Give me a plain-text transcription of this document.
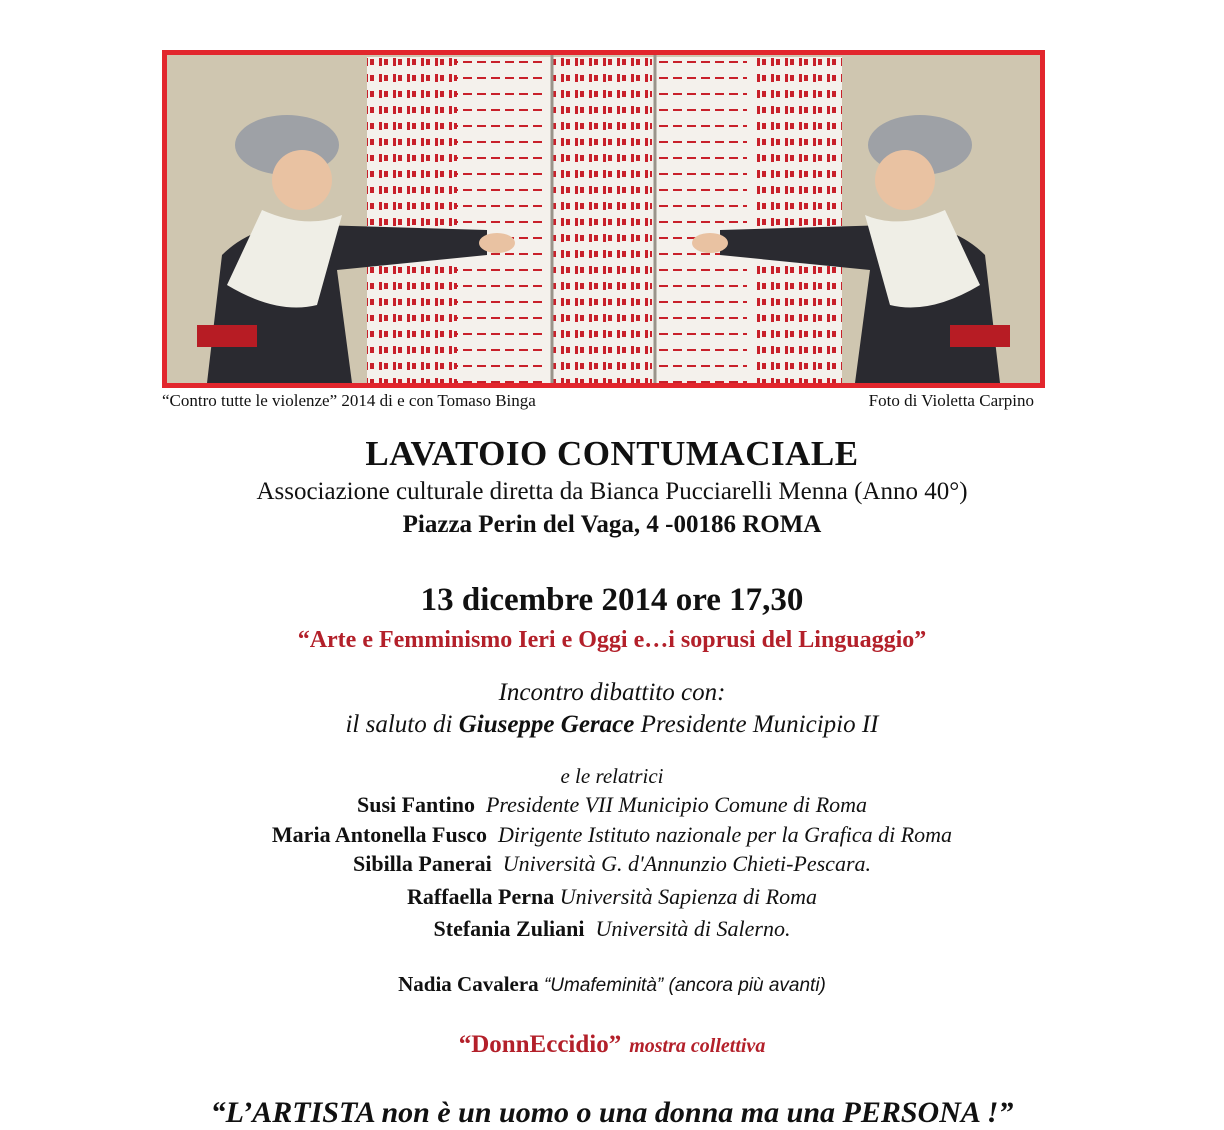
“Contro tutte le violenze” 2014 di e con Tomaso Binga	Foto di Violetta Carpino
LAVATOIO CONTUMACIALE
Associazione culturale diretta da Bianca Pucciarelli Menna (Anno 40°)
Piazza Perin del Vaga, 4 -00186 ROMA
13 dicembre 2014 ore 17,30
“Arte e Femminismo Ieri e Oggi e…i soprusi del Linguaggio”
Incontro dibattito con:
il saluto di Giuseppe Gerace Presidente Municipio II
e le relatrici
Susi Fantino Presidente VII Municipio Comune di Roma
Maria Antonella Fusco Dirigente Istituto nazionale per la Grafica di Roma
Sibilla Panerai Università G. d'Annunzio Chieti-Pescara.
Raffaella Perna Università Sapienza di Roma
Stefania Zuliani Università di Salerno.
Nadia Cavalera “Umafeminità” (ancora più avanti)
“DonnEccidio” mostra collettiva
“L’ARTISTA non è un uomo o una donna ma una PERSONA !”
